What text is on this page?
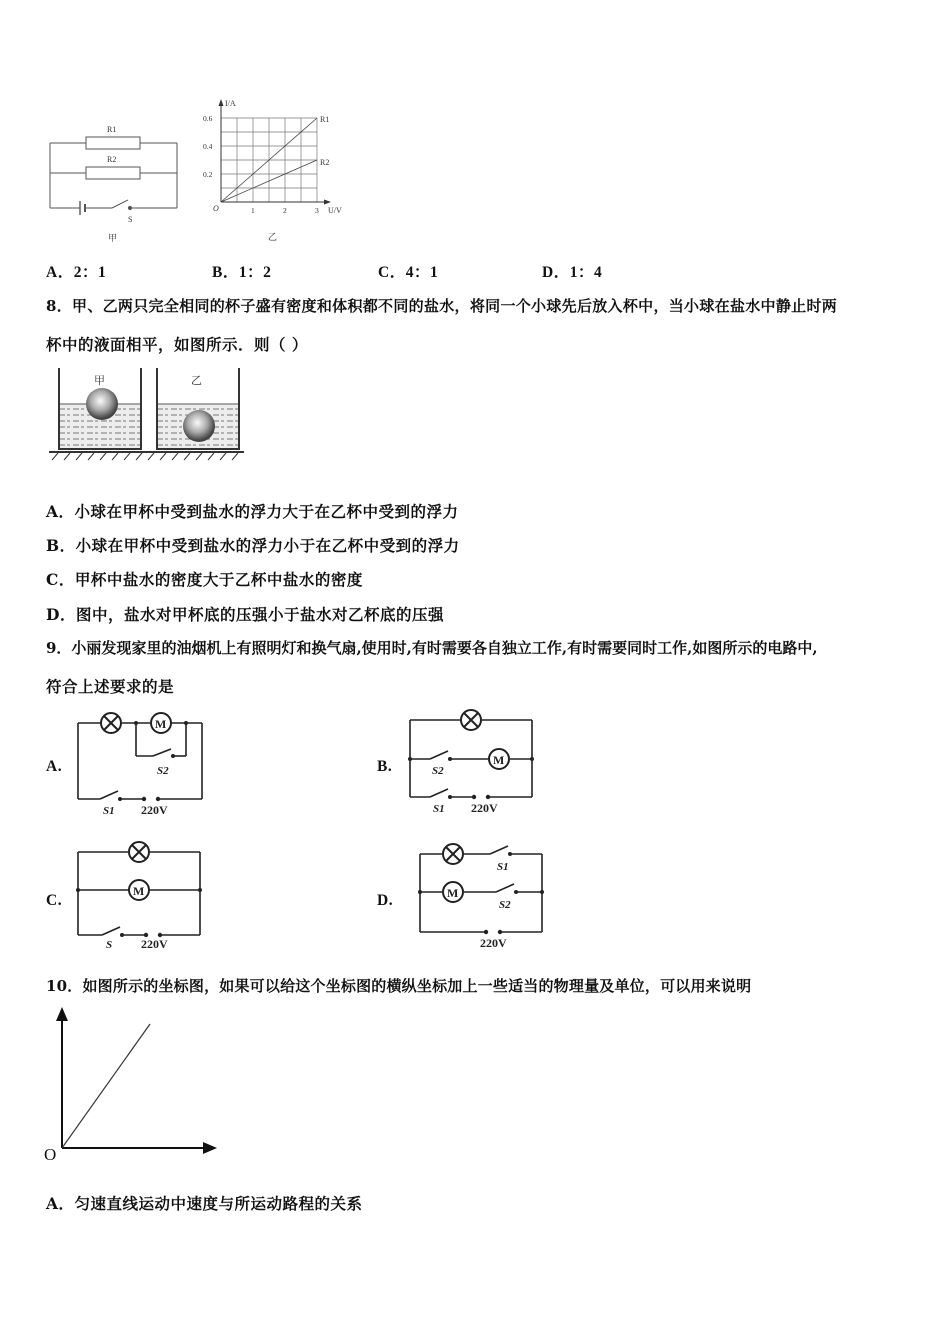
R1
R2
S
甲
I/A
U/V
O
0.6
0.4
0.2
1	2	3
R1
R2
乙
A．2：1	B．1：2	C．4：1	D．1：4
8．甲、乙两只完全相同的杯子盛有密度和体积都不同的盐水，将同一个小球先后放入杯中，当小球在盐水中静止时两
杯中的液面相平，如图所示．则（ ）
甲	乙
A．小球在甲杯中受到盐水的浮力大于在乙杯中受到的浮力
B．小球在甲杯中受到盐水的浮力小于在乙杯中受到的浮力
C．甲杯中盐水的密度大于乙杯中盐水的密度
D．图中，盐水对甲杯底的压强小于盐水对乙杯底的压强
9．小丽发现家里的油烟机上有照明灯和换气扇,使用时,有时需要各自独立工作,有时需要同时工作,如图所示的电路中,
符合上述要求的是
A.
M
S2
S1 220V
B.	M
S2
S1 220V
C.
M
S 220V
D.	M
S1
S2
220V
10．如图所示的坐标图，如果可以给这个坐标图的横纵坐标加上一些适当的物理量及单位，可以用来说明
O
A．匀速直线运动中速度与所运动路程的关系
